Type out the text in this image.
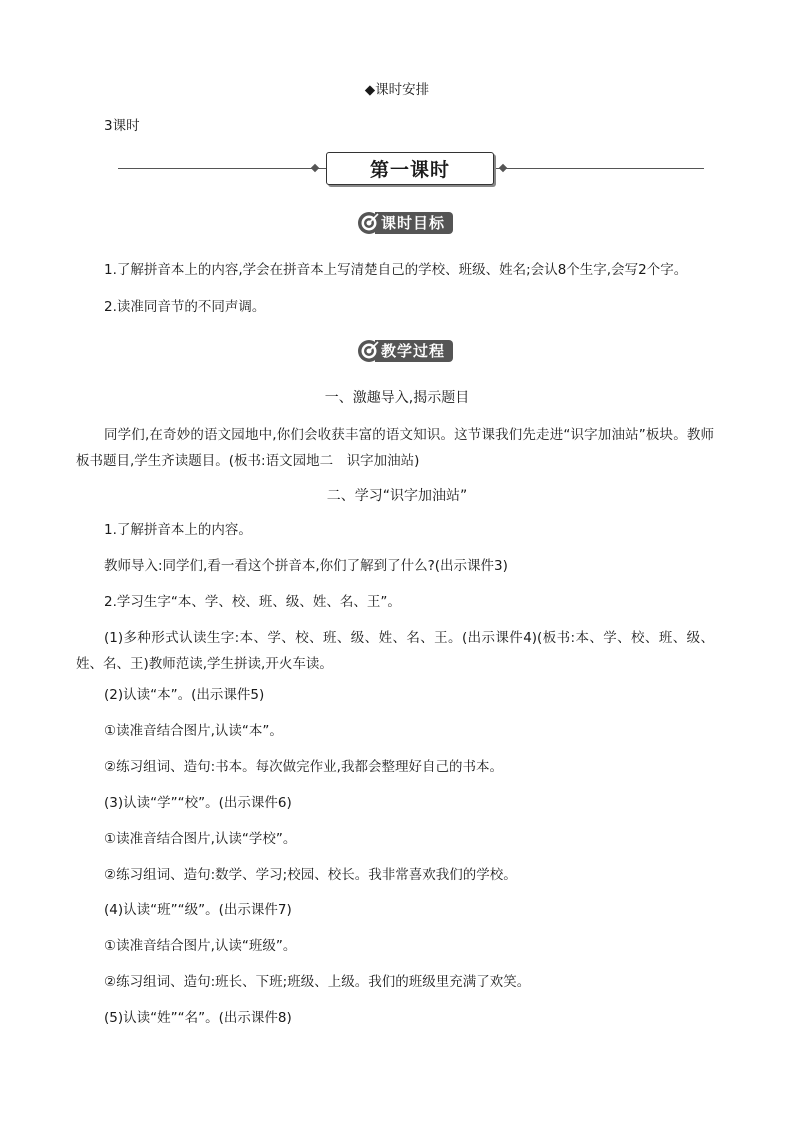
◆课时安排
3课时
第一课时
课时目标
1.了解拼音本上的内容,学会在拼音本上写清楚自己的学校、班级、姓名;会认8个生字,会写2个字。
2.读准同音节的不同声调。
教学过程
一、激趣导入,揭示题目
同学们,在奇妙的语文园地中,你们会收获丰富的语文知识。这节课我们先走进“识字加油站”板块。教师板书题目,学生齐读题目。(板书:语文园地二　识字加油站)
二、学习“识字加油站”
1.了解拼音本上的内容。
教师导入:同学们,看一看这个拼音本,你们了解到了什么?(出示课件3)
2.学习生字“本、学、校、班、级、姓、名、王”。
(1)多种形式认读生字:本、学、校、班、级、姓、名、王。(出示课件4)(板书:本、学、校、班、级、姓、名、王)教师范读,学生拼读,开火车读。
(2)认读“本”。(出示课件5)
①读准音结合图片,认读“本”。
②练习组词、造句:书本。每次做完作业,我都会整理好自己的书本。
(3)认读“学”“校”。(出示课件6)
①读准音结合图片,认读“学校”。
②练习组词、造句:数学、学习;校园、校长。我非常喜欢我们的学校。
(4)认读“班”“级”。(出示课件7)
①读准音结合图片,认读“班级”。
②练习组词、造句:班长、下班;班级、上级。我们的班级里充满了欢笑。
(5)认读“姓”“名”。(出示课件8)
